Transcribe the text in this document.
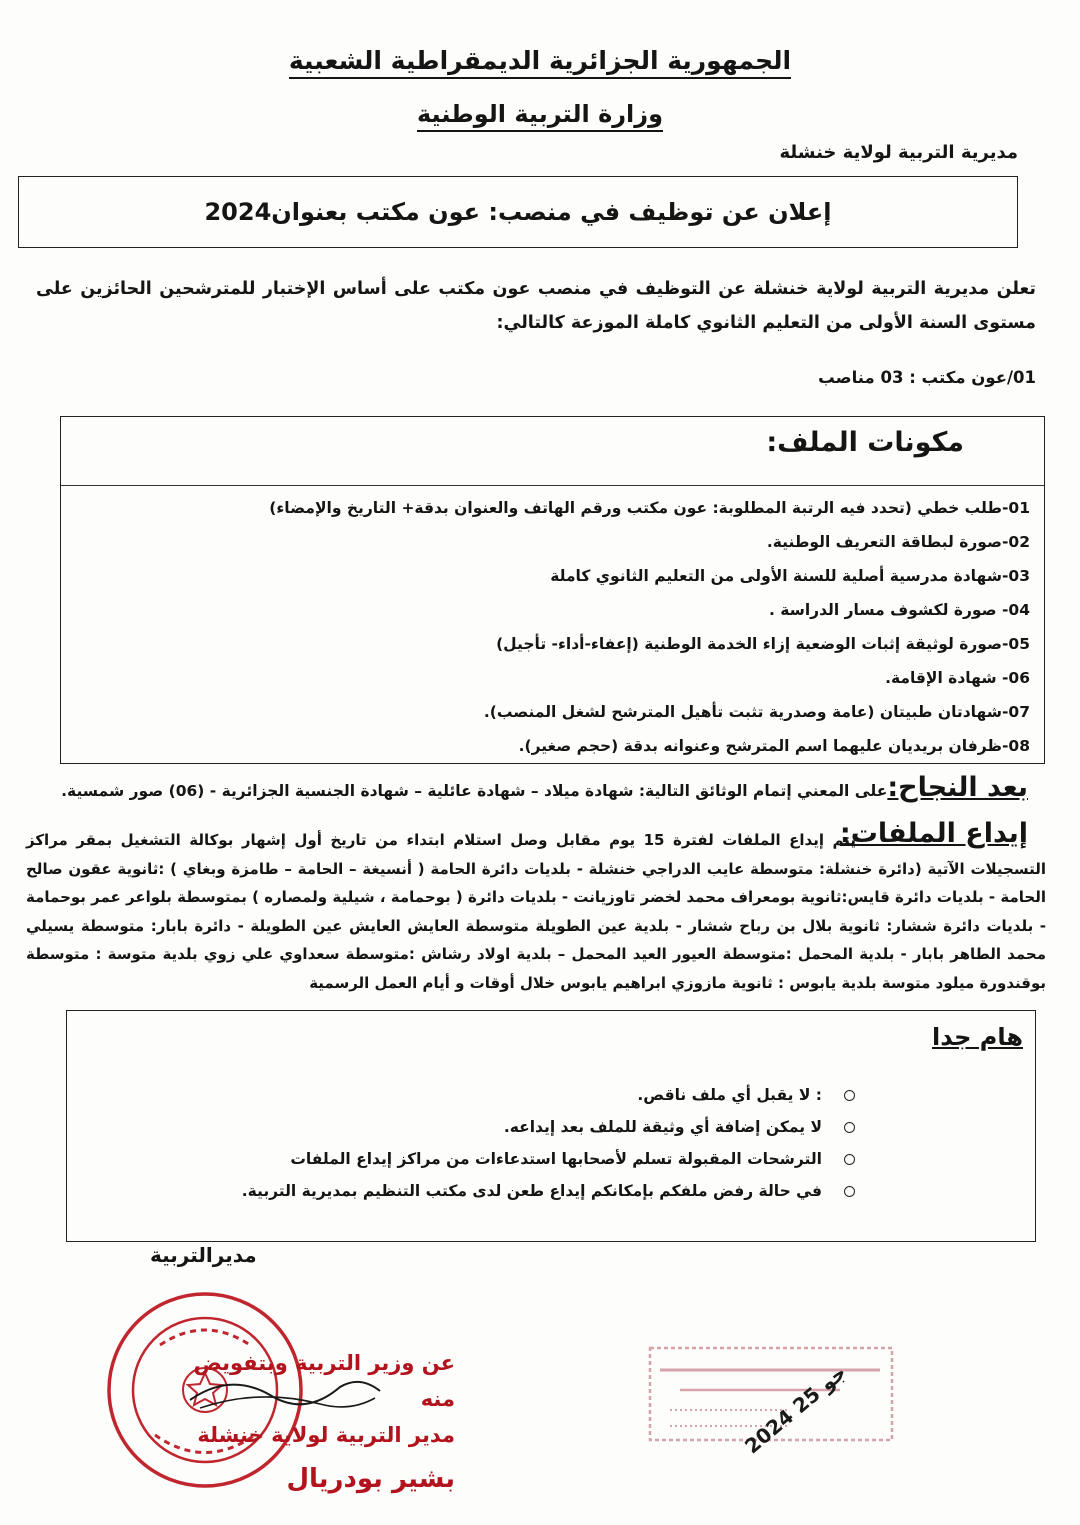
الجمهورية الجزائرية الديمقراطية الشعبية
وزارة التربية الوطنية
مديرية التربية لولاية خنشلة
إعلان عن توظيف في منصب: عون مكتب بعنوان2024
تعلن مديرية التربية لولاية خنشلة عن التوظيف في منصب عون مكتب على أساس الإختبار للمترشحين الحائزين على مستوى السنة الأولى من التعليم الثانوي كاملة الموزعة كالتالي:
01/عون مكتب : 03 مناصب
مكونات الملف:
01-طلب خطي (تحدد فيه الرتبة المطلوبة: عون مكتب ورقم الهاتف والعنوان بدقة+ التاريخ والإمضاء)
02-صورة لبطاقة التعريف الوطنية.
03-شهادة مدرسية أصلية للسنة الأولى من التعليم الثانوي كاملة
04- صورة لكشوف مسار الدراسة .
05-صورة لوثيقة إثبات الوضعية إزاء الخدمة الوطنية (إعفاء-أداء- تأجيل)
06- شهادة الإقامة.
07-شهادتان طبيتان (عامة وصدرية تثبت تأهيل المترشح لشغل المنصب).
08-ظرفان بريديان عليهما اسم المترشح وعنوانه بدقة (حجم صغير).
بعد النجاح:على المعني إتمام الوثائق التالية: شهادة ميلاد – شهادة عائلية – شهادة الجنسية الجزائرية - (06) صور شمسية.
إيداع الملفات:
يتم إيداع الملفات لفترة 15 يوم مقابل وصل استلام ابتداء من تاريخ أول إشهار بوكالة التشغيل بمقر مراكز التسجيلات الآتية (دائرة خنشلة: متوسطة عايب الدراجي خنشلة - بلديات دائرة الحامة ( أنسيغة – الحامة – طامزة وبغاي ) :ثانوية عقون صالح الحامة - بلديات دائرة قايس:ثانوية بومعراف محمد لخضر تاوزيانت - بلديات دائرة ( بوحمامة ، شيلية ولمصاره ) بمتوسطة بلواعر عمر بوحمامة - بلديات دائرة ششار: ثانوية بلال بن رباح ششار - بلدية عين الطويلة متوسطة العايش العايش عين الطويلة - دائرة بابار: متوسطة يسيلي محمد الطاهر بابار - بلدية المحمل :متوسطة العيور العيد المحمل – بلدية اولاد رشاش :متوسطة سعداوي علي زوي بلدية متوسة : متوسطة بوقندورة ميلود متوسة بلدية يابوس : ثانوية مازوزي ابراهيم يابوس خلال أوقات و أيام العمل الرسمية
هام جدا
: لا يقبل أي ملف ناقص.
لا يمكن إضافة أي وثيقة للملف بعد إيداعه.
الترشحات المقبولة تسلم لأصحابها استدعاءات من مراكز إيداع الملفات
في حالة رفض ملفكم بإمكانكم إيداع طعن لدى مكتب التنظيم بمديرية التربية.
مديرالتربية
عن وزير التربية وبتفويض منه
مدير التربية لولاية خنشلة
بشير بودريال
2024 جو 25
